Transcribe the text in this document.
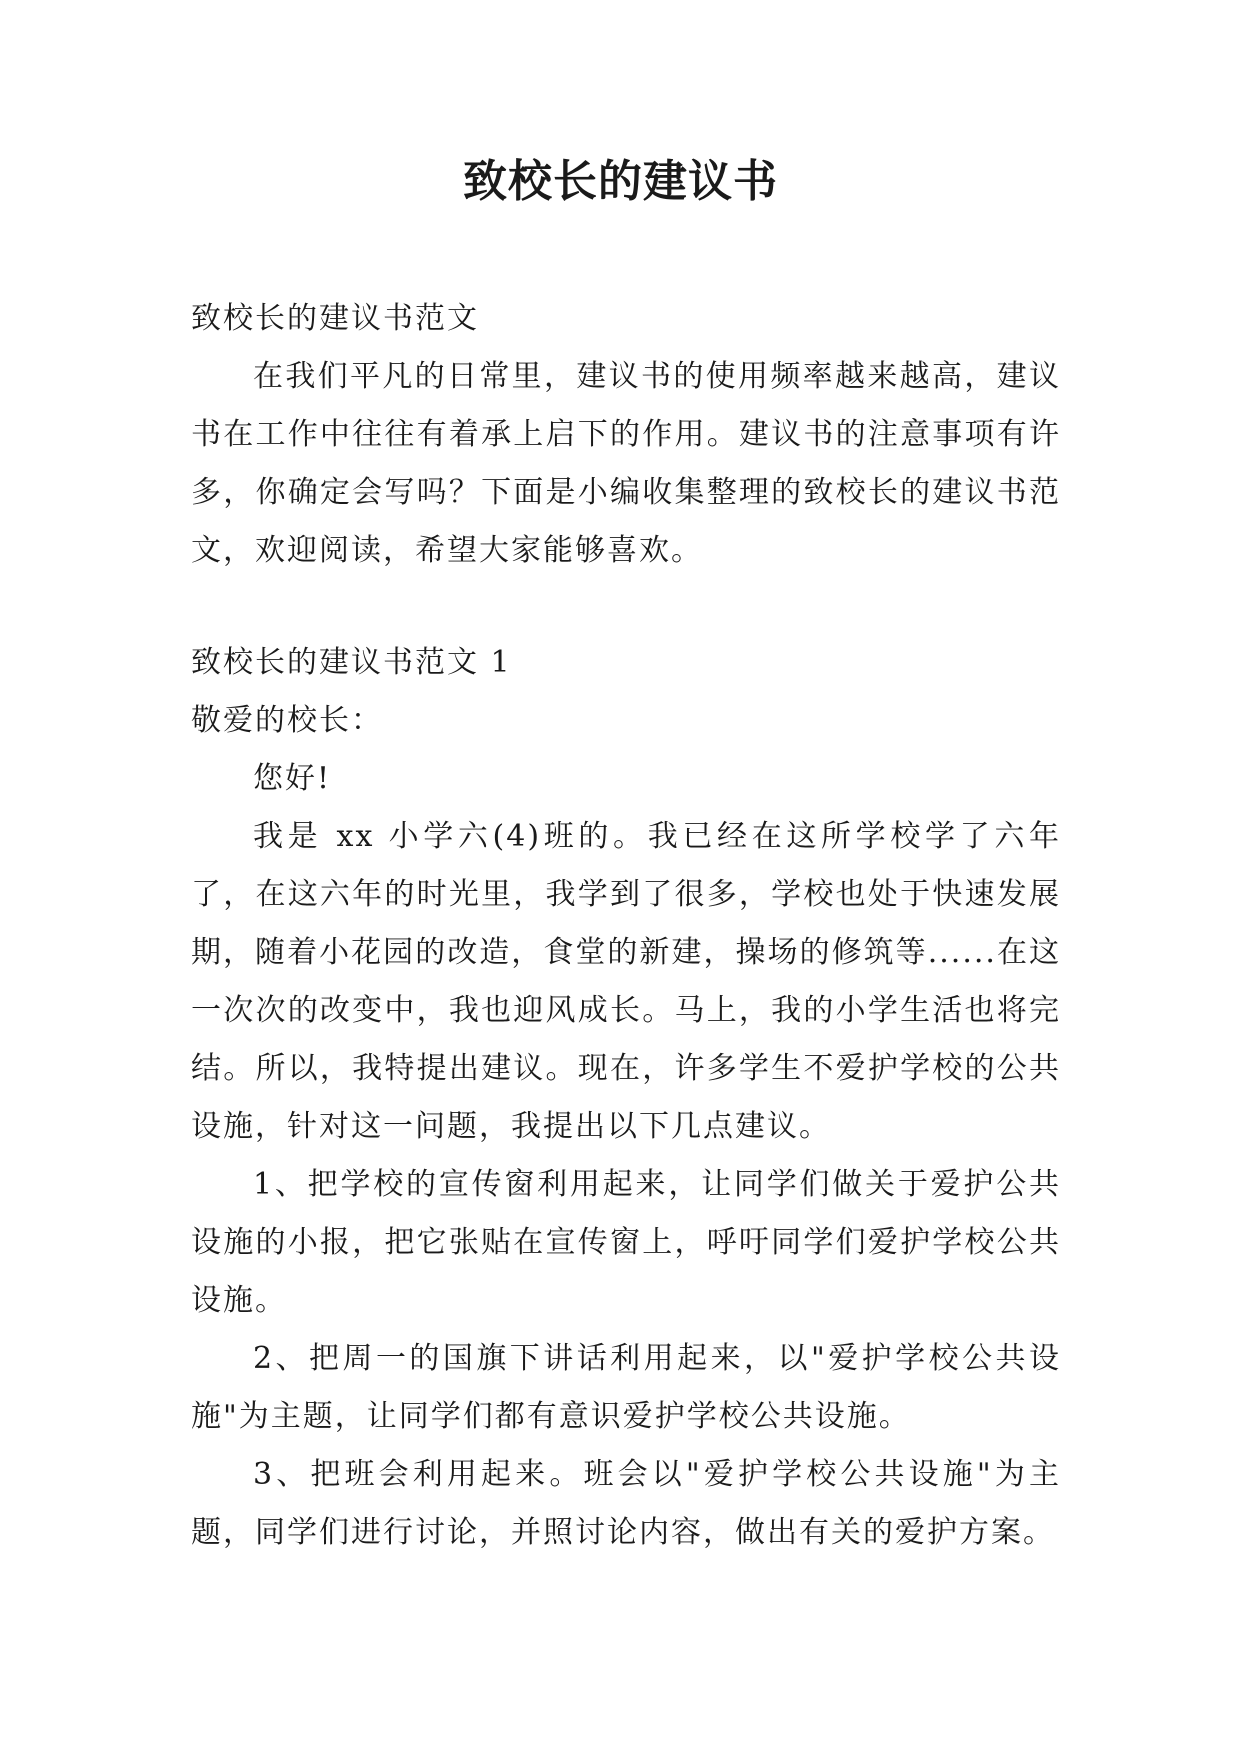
致校长的建议书

致校长的建议书范文

在我们平凡的日常里，建议书的使用频率越来越高，建议书在工作中往往有着承上启下的作用。建议书的注意事项有许多，你确定会写吗？下面是小编收集整理的致校长的建议书范文，欢迎阅读，希望大家能够喜欢。

致校长的建议书范文 1

敬爱的校长：

您好!

我是 xx 小学六(4)班的。我已经在这所学校学了六年了，在这六年的时光里，我学到了很多，学校也处于快速发展期，随着小花园的改造，食堂的新建，操场的修筑等......在这一次次的改变中，我也迎风成长。马上，我的小学生活也将完结。所以，我特提出建议。现在，许多学生不爱护学校的公共设施，针对这一问题，我提出以下几点建议。

1、把学校的宣传窗利用起来，让同学们做关于爱护公共设施的小报，把它张贴在宣传窗上，呼吁同学们爱护学校公共设施。

2、把周一的国旗下讲话利用起来，以"爱护学校公共设施"为主题，让同学们都有意识爱护学校公共设施。

3、把班会利用起来。班会以"爱护学校公共设施"为主题，同学们进行讨论，并照讨论内容，做出有关的爱护方案。
